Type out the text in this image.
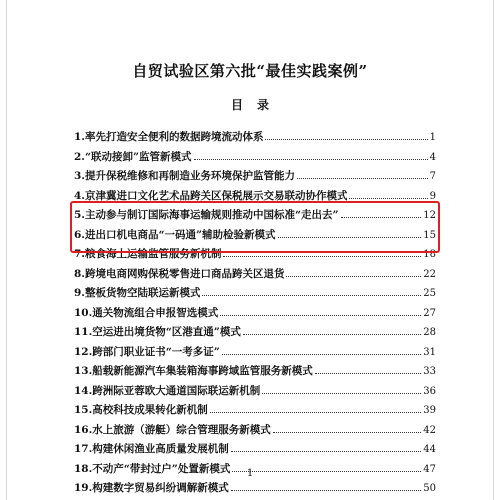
自贸试验区第六批“最佳实践案例”
目录
1.率先打造安全便利的数据跨境流动体系	1
2.“联动接卸”监管新模式	4
3.提升保税维修和再制造业务环境保护监管能力	7
4.京津冀进口文化艺术品跨关区保税展示交易联动协作模式	9
5.主动参与制订国际海事运输规则推动中国标准“走出去”	12
6.进出口机电商品“一码通”辅助检验新模式	15
7.粮食海上运输监管服务新机制	18
8.跨境电商网购保税零售进口商品跨关区退货	22
9.整板货物空陆联运新模式	25
10.通关物流组合申报智选模式	27
11.空运进出境货物“区港直通”模式	28
12.跨部门职业证书“一考多证”	31
13.船载新能源汽车集装箱海事跨域监管服务新模式	33
14.跨洲际亚蓉欧大通道国际联运新机制	36
15.高校科技成果转化新机制	39
16.水上旅游（游艇）综合管理服务新模式	42
17.构建休闲渔业高质量发展机制	44
18.不动产“带封过户”处置新模式	47
19.构建数字贸易纠纷调解新模式	50
1
